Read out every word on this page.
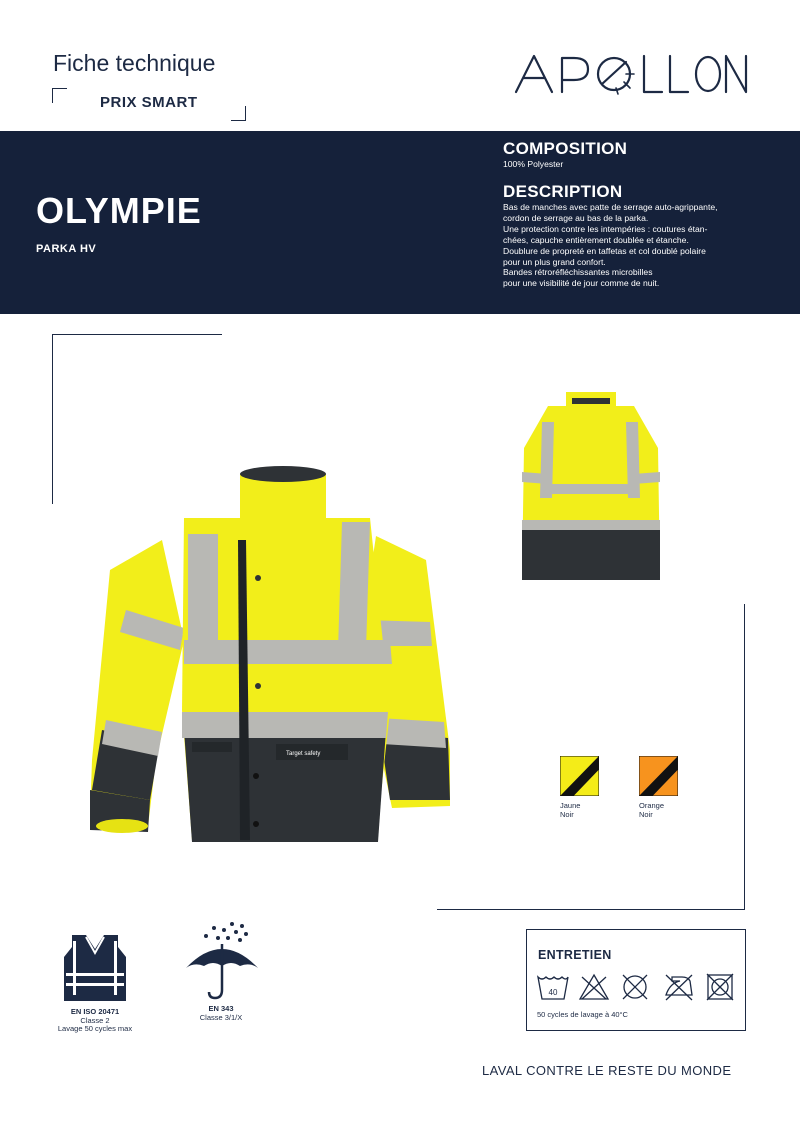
Fiche technique
PRIX SMART
OLYMPIE
PARKA HV
COMPOSITION
100% Polyester
DESCRIPTION
Bas de manches avec patte de serrage auto-agrippante,
cordon de serrage au bas de la parka.
Une protection contre les intempéries : coutures étan-
chées, capuche entièrement doublée et étanche.
Doublure de propreté en taffetas et col doublé polaire
pour un plus grand confort.
Bandes rétroréfléchissantes microbilles
pour une visibilité de jour comme de nuit.
Target safety
Jaune
Noir
Orange
Noir
EN ISO 20471
Classe 2
Lavage 50 cycles max
EN 343
Classe 3/1/X
ENTRETIEN
40
50 cycles de lavage à 40°C
LAVAL CONTRE LE RESTE DU MONDE
